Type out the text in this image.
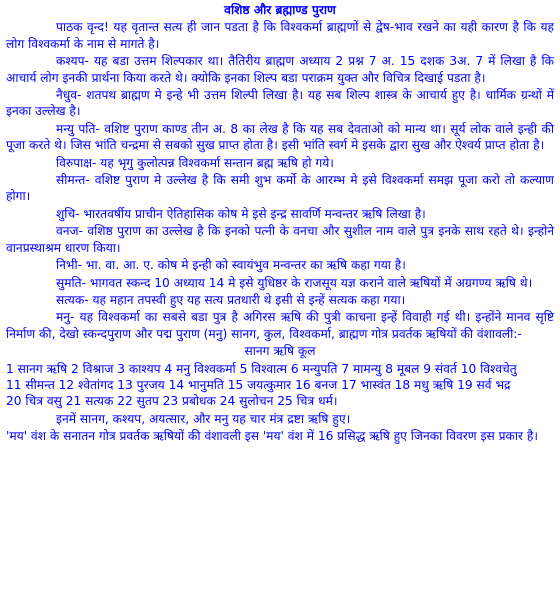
वशिष्ठ और ब्रह्माण्ड पुराण

पाठक वृन्द! यह वृतान्त सत्य ही जान पडता है कि विश्वकर्मा ब्राह्मणों से द्वेष-भाव रखने का यही कारण है कि यह लोग विश्वकर्मा के नाम से मागते है।

कश्यप- यह बडा उत्तम शिल्पकार था। तैतिरीय ब्राह्मण अध्याय 2 प्रश्न 7 अ. 15 दशक 3अ. 7 में लिखा है कि आचार्य लोग इनकी प्रार्थना किया करते थे। क्योकि इनका शिल्प बडा पराक्रम युक्त और विचित्र दिखाई पडता है।

नैधुव- शतपथ ब्राह्मण मे इन्हे भी उत्तम शिल्पी लिखा है। यह सब शिल्प शास्त्र के आचार्य हुए है। धार्मिक ग्रन्थों में इनका उल्लेख है।

मन्यु पति- वशिष्ट पुराण काण्ड तीन अ. 8 का लेख है कि यह सब देवताओ को मान्य था। सूर्य लोक वाले इन्ही की पूजा करते थे। जिस भांति चन्द्रमा से सबको सुख प्राप्त होता है। इसी भांति स्वर्ग मे इसके द्वारा सुख और ऐश्वर्य प्राप्त होता है।

विरुपाक्ष- यह भृगु कुलोत्पन्न विश्वकर्मा सन्तान ब्रह्म ऋषि हो गये।

सीमन्त- वशिष्ट पुराण मे उल्लेख है कि समी शुभ कर्मो के आरम्भ मे इसे विश्वकर्मा समझ पूजा करो तो कल्याण होगा।

शुचि- भारतवर्षीय प्राचीन ऐतिहासिक कोष मे इसे इन्द्र सावर्णि मन्वन्तर ऋषि लिखा है।

वनज- वशिष्ठ पुराण का उल्लेख है कि इनको पत्नी के वनचा और सुशील नाम वाले पुत्र इनके साथ रहते थे। इन्होने वानप्रस्थाश्रम धारण किया।

निभी- भा. वा. आ. ए. कोष मे इन्ही को स्वायंभुव मन्वन्तर का ऋषि कहा गया है।

सुमति- भागवत स्कन्द 10 अध्याय 14 मे इसे युधिष्ठर के राजसूय यज्ञ कराने वाले ऋषियों में अग्रगण्य ऋषि थे।

सत्यक- यह महान तपस्वी हुए यह सत्य प्रतधारी थे इसी से इन्हें सत्यक कहा गया।

मनु- यह विश्वकर्मा का सबसे बडा पुत्र है अगिरस ऋषि की पुत्री काचना इन्हें विवाही गई थी। इन्होंने मानव सृष्टि निर्माण की, देखो स्कन्दपुराण और पद्म पुराण (मनु) सानग, कुल, विश्वकर्मा, ब्राह्मण गोत्र प्रवर्तक ऋषियों की वंशावली:-

सानग ऋषि कूल

1 सानग ऋषि 2 विश्राज 3 काश्यप 4 मनु विश्वकर्मा 5 विश्वात्म 6 मन्युपति 7 मामन्यु 8 मूबल 9 संवर्त 10 विश्वचेतु 11 सीमन्त 12 श्वेतांगद 13 पुरजय 14 भानुमति 15 जयत्कुमार 16 बनज 17 भास्वंत 18 मधु ऋषि 19 सर्व भद्र 20 चित्र वसु 21 सत्यक 22 सुतप 23 प्रबोधक 24 सुलोचन 25 चित्र धर्म।

इनमें सानग, कश्यप, अयत्सार, और मनु यह चार मंत्र द्रष्टा ऋषि हुए।

'मय' वंश के सनातन गोत्र प्रवर्तक ऋषियों की वंशावली इस 'मय' वंश में 16 प्रसिद्ध ऋषि हुए जिनका विवरण इस प्रकार है।
